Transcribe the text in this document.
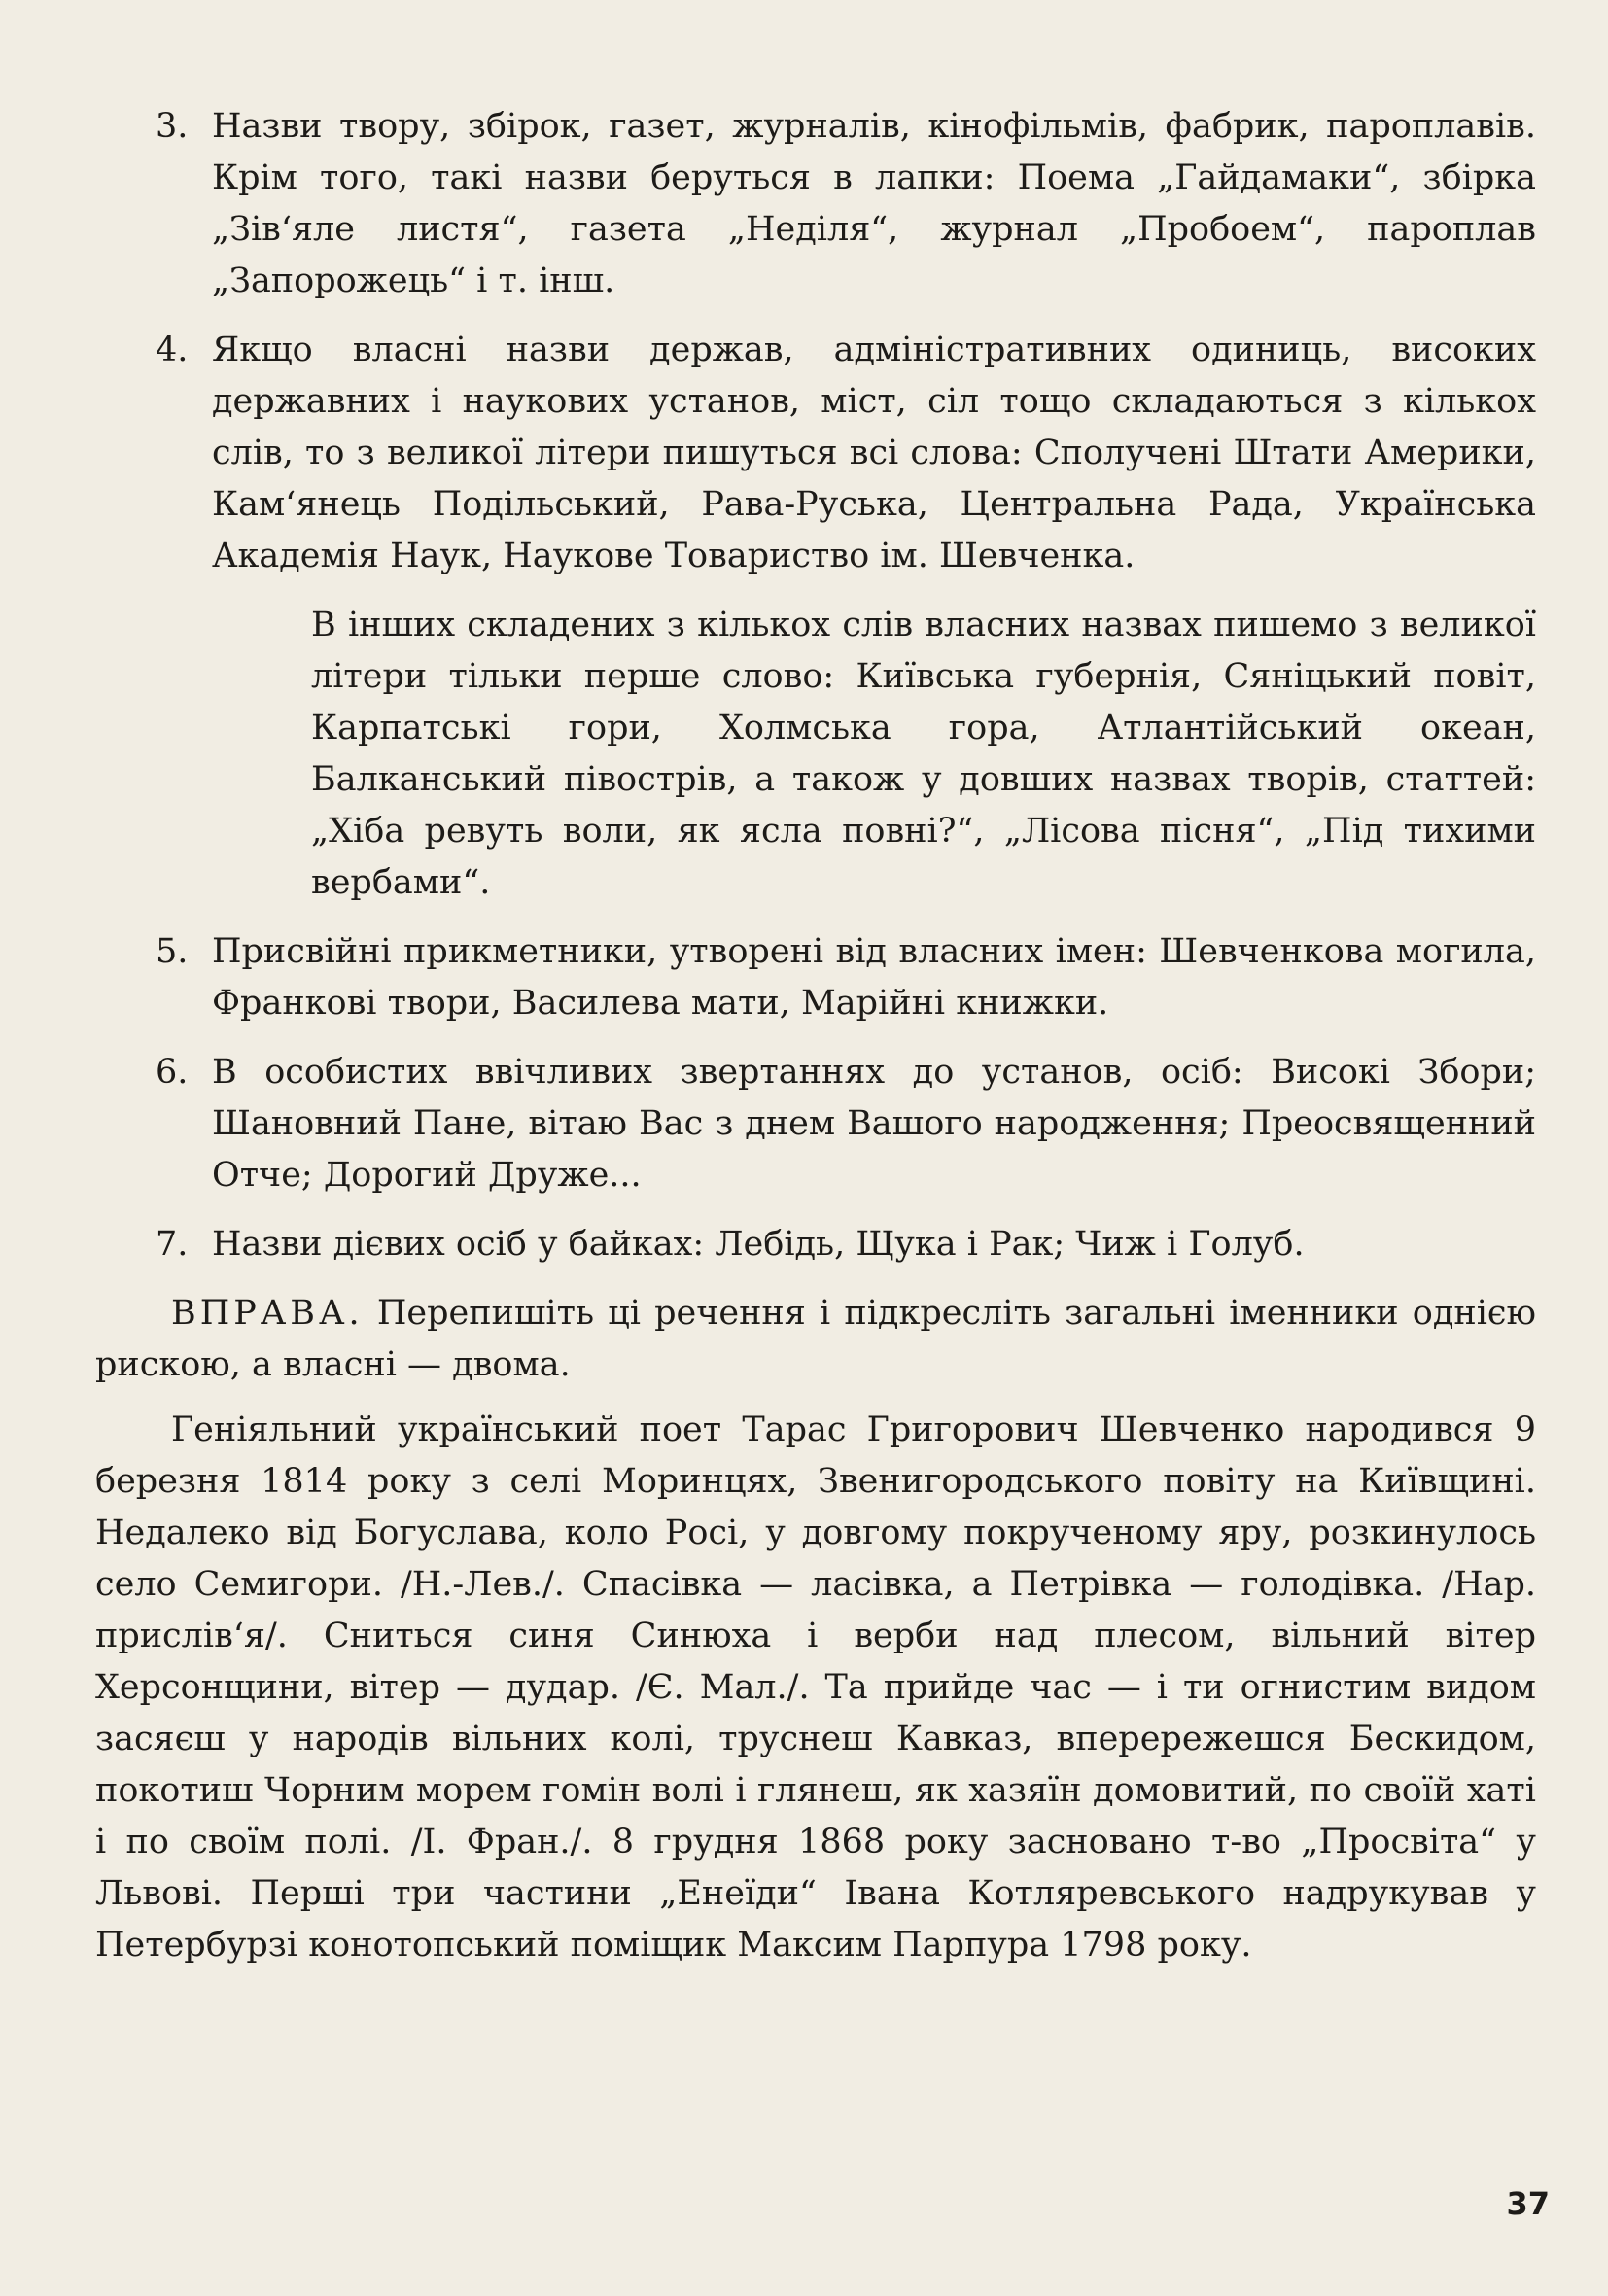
3. Назви твору, збірок, газет, журналів, кінофільмів, фабрик, пароплавів. Крім того, такі назви беруться в лапки: Поема „Гайдамаки“, збірка „Зів‘яле листя“, газета „Неділя“, журнал „Пробоем“, пароплав „Запорожець“ і т. інш.
4. Якщо власні назви держав, адміністративних одиниць, високих державних і наукових установ, міст, сіл тощо складаються з кількох слів, то з великої літери пишуться всі слова: Сполучені Штати Америки, Кам‘янець Подільський, Рава-Руська, Центральна Рада, Українська Академія Наук, Наукове Товариство ім. Шевченка.
В інших складених з кількох слів власних назвах пишемо з великої літери тільки перше слово: Київська губернія, Сяніцький повіт, Карпатські гори, Холмська гора, Атлантійський океан, Балканський півострів, а також у довших назвах творів, статтей: „Хіба ревуть воли, як ясла повні?“, „Лісова пісня“, „Під тихими вербами“.
5. Присвійні прикметники, утворені від власних імен: Шевченкова могила, Франкові твори, Василева мати, Марійні книжки.
6. В особистих ввічливих звертаннях до установ, осіб: Високі Збори; Шановний Пане, вітаю Вас з днем Вашого народження; Преосвященний Отче; Дорогий Друже...
7. Назви дієвих осіб у байках: Лебідь, Щука і Рак; Чиж і Голуб.
ВПРАВА. Перепишіть ці речення і підкресліть загальні іменники однією рискою, а власні — двома.

Геніяльний український поет Тарас Григорович Шевченко народився 9 березня 1814 року з селі Моринцях, Звенигородського повіту на Київщині. Недалеко від Богуслава, коло Росі, у довгому покрученому яру, розкинулось село Семигори. /Н.-Лев./. Спасівка — ласівка, а Петрівка — голодівка. /Нар. прислів‘я/. Сниться синя Синюха і верби над плесом, вільний вітер Херсонщини, вітер — дудар. /Є. Мал./. Та прийде час — і ти огнистим видом засяєш у народів вільних колі, труснеш Кавказ, вперережешся Бескидом, покотиш Чорним морем гомін волі і глянеш, як хазяїн домовитий, по своїй хаті і по своїм полі. /І. Фран./. 8 грудня 1868 року засновано т-во „Просвіта“ у Львові. Перші три частини „Енеїди“ Івана Котляревського надрукував у Петербурзі конотопський поміщик Максим Парпура 1798 року.

37
